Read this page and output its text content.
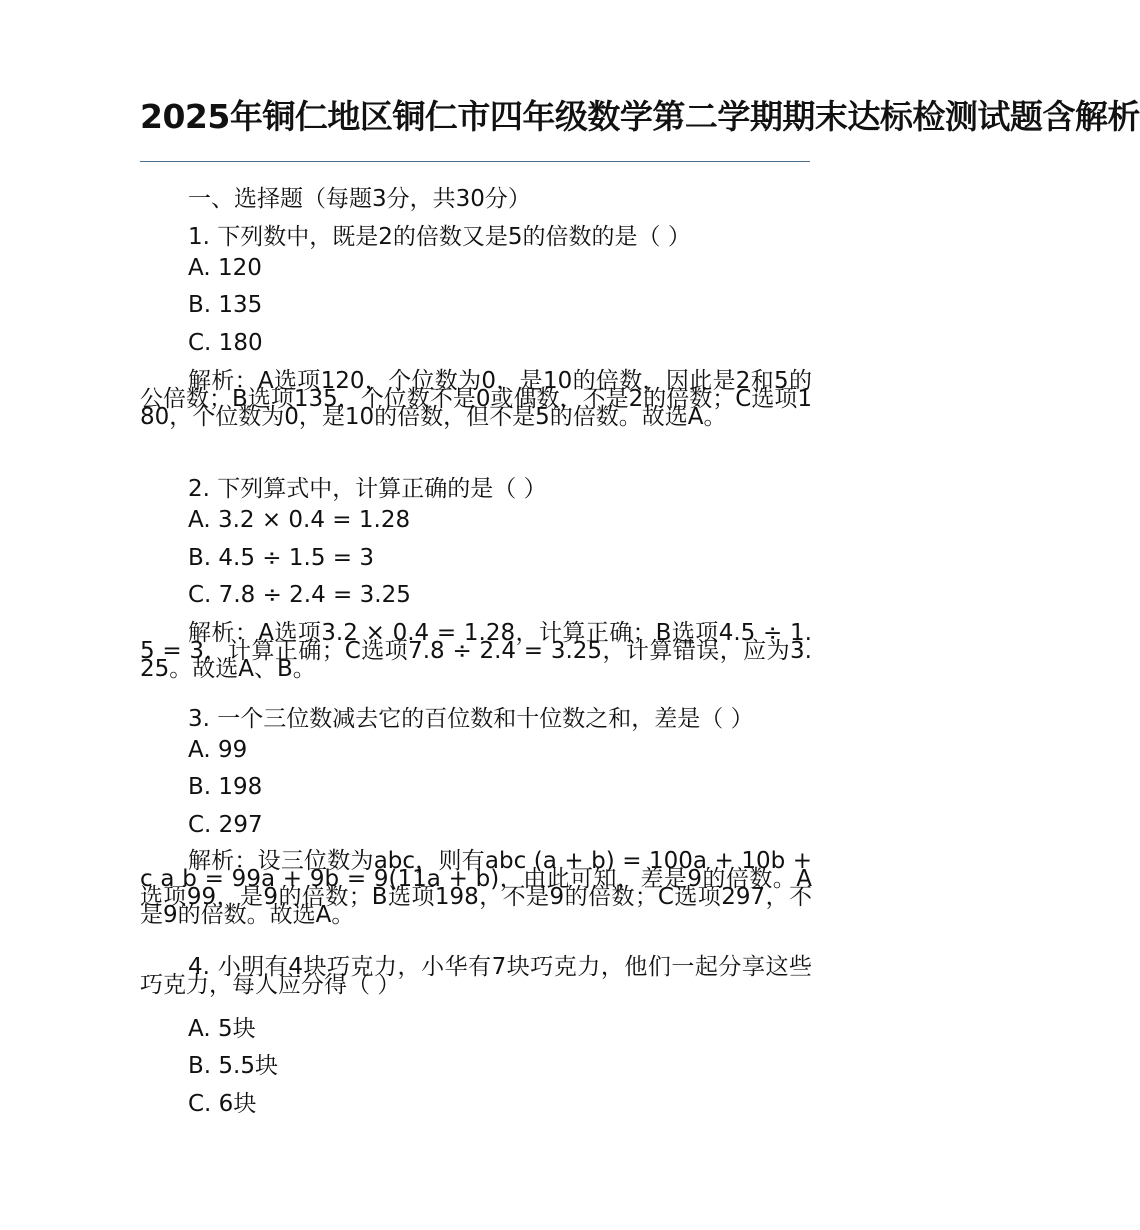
2025年铜仁地区铜仁市四年级数学第二学期期末达标检测试题含解析
一、选择题（每题3分，共30分）
1. 下列数中，既是2的倍数又是5的倍数的是（ ）
A. 120
B. 135
C. 180
解析：A选项120，个位数为0，是10的倍数，因此是2和5的公倍数；B选项135，个位数不是0或偶数，不是2的倍数；C选项180，个位数为0，是10的倍数，但不是5的倍数。故选A。
2. 下列算式中，计算正确的是（ ）
A. 3.2 × 0.4 = 1.28
B. 4.5 ÷ 1.5 = 3
C. 7.8 ÷ 2.4 = 3.25
解析：A选项3.2 × 0.4 = 1.28，计算正确；B选项4.5 ÷ 1.5 = 3，计算正确；C选项7.8 ÷ 2.4 = 3.25，计算错误，应为3.25。故选A、B。
3. 一个三位数减去它的百位数和十位数之和，差是（ ）
A. 99
B. 198
C. 297
解析：设三位数为abc，则有abc (a + b) = 100a + 10b + c a b = 99a + 9b = 9(11a + b)，由此可知，差是9的倍数。A选项99，是9的倍数；B选项198，不是9的倍数；C选项297，不是9的倍数。故选A。
4. 小明有4块巧克力，小华有7块巧克力，他们一起分享这些巧克力，每人应分得（ ）
A. 5块
B. 5.5块
C. 6块
